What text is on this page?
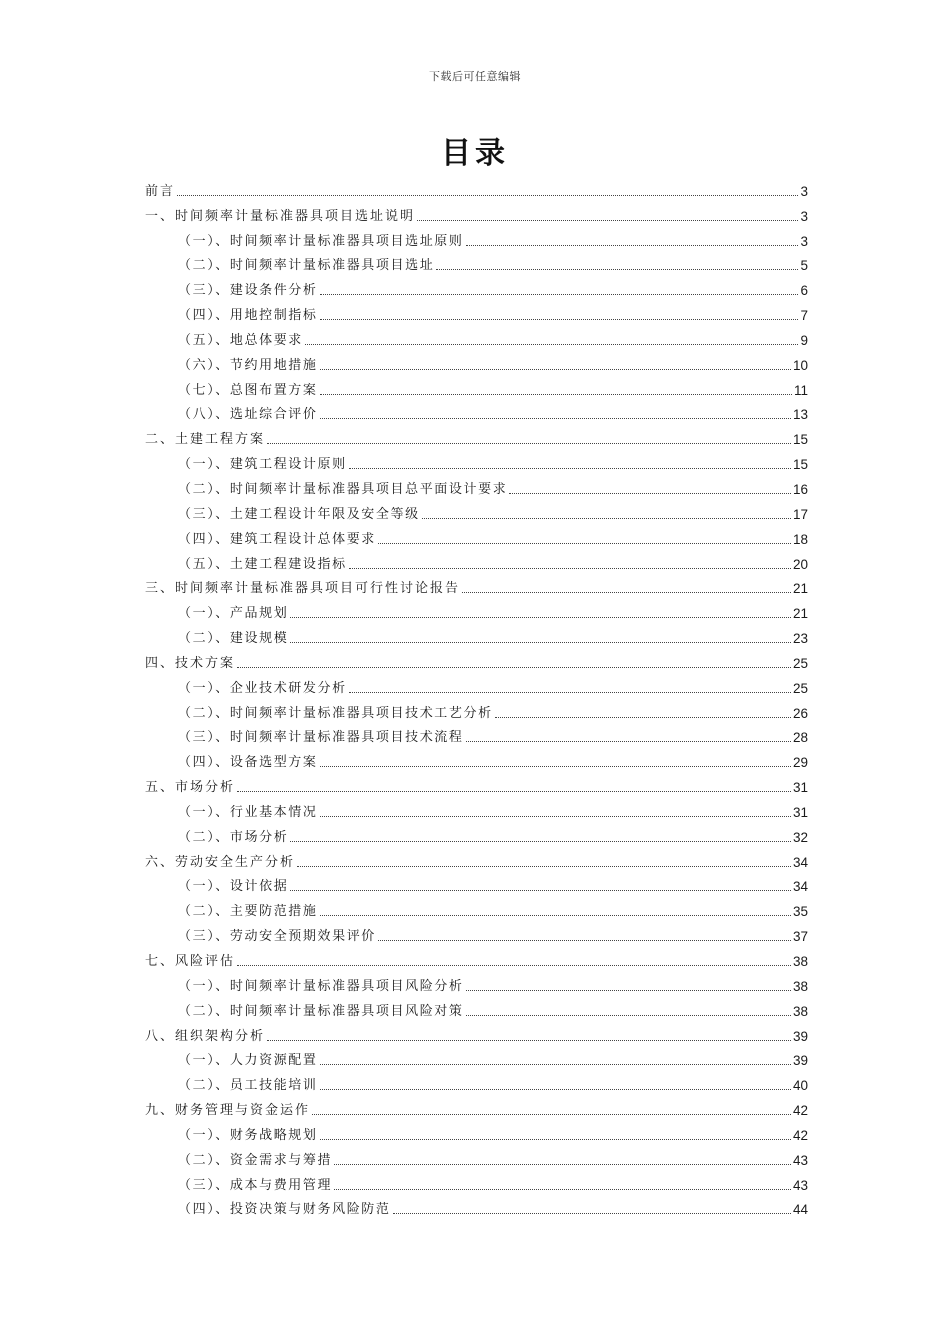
下载后可任意编辑
目录
前言	3
一、时间频率计量标准器具项目选址说明	3
（一）、时间频率计量标准器具项目选址原则	3
（二）、时间频率计量标准器具项目选址	5
（三）、建设条件分析	6
（四）、用地控制指标	7
（五）、地总体要求	9
（六）、节约用地措施	10
（七）、总图布置方案	11
（八）、选址综合评价	13
二、土建工程方案	15
（一）、建筑工程设计原则	15
（二）、时间频率计量标准器具项目总平面设计要求	16
（三）、土建工程设计年限及安全等级	17
（四）、建筑工程设计总体要求	18
（五）、土建工程建设指标	20
三、时间频率计量标准器具项目可行性讨论报告	21
（一）、产品规划	21
（二）、建设规模	23
四、技术方案	25
（一）、企业技术研发分析	25
（二）、时间频率计量标准器具项目技术工艺分析	26
（三）、时间频率计量标准器具项目技术流程	28
（四）、设备选型方案	29
五、市场分析	31
（一）、行业基本情况	31
（二）、市场分析	32
六、劳动安全生产分析	34
（一）、设计依据	34
（二）、主要防范措施	35
（三）、劳动安全预期效果评价	37
七、风险评估	38
（一）、时间频率计量标准器具项目风险分析	38
（二）、时间频率计量标准器具项目风险对策	38
八、组织架构分析	39
（一）、人力资源配置	39
（二）、员工技能培训	40
九、财务管理与资金运作	42
（一）、财务战略规划	42
（二）、资金需求与筹措	43
（三）、成本与费用管理	43
（四）、投资决策与财务风险防范	44
